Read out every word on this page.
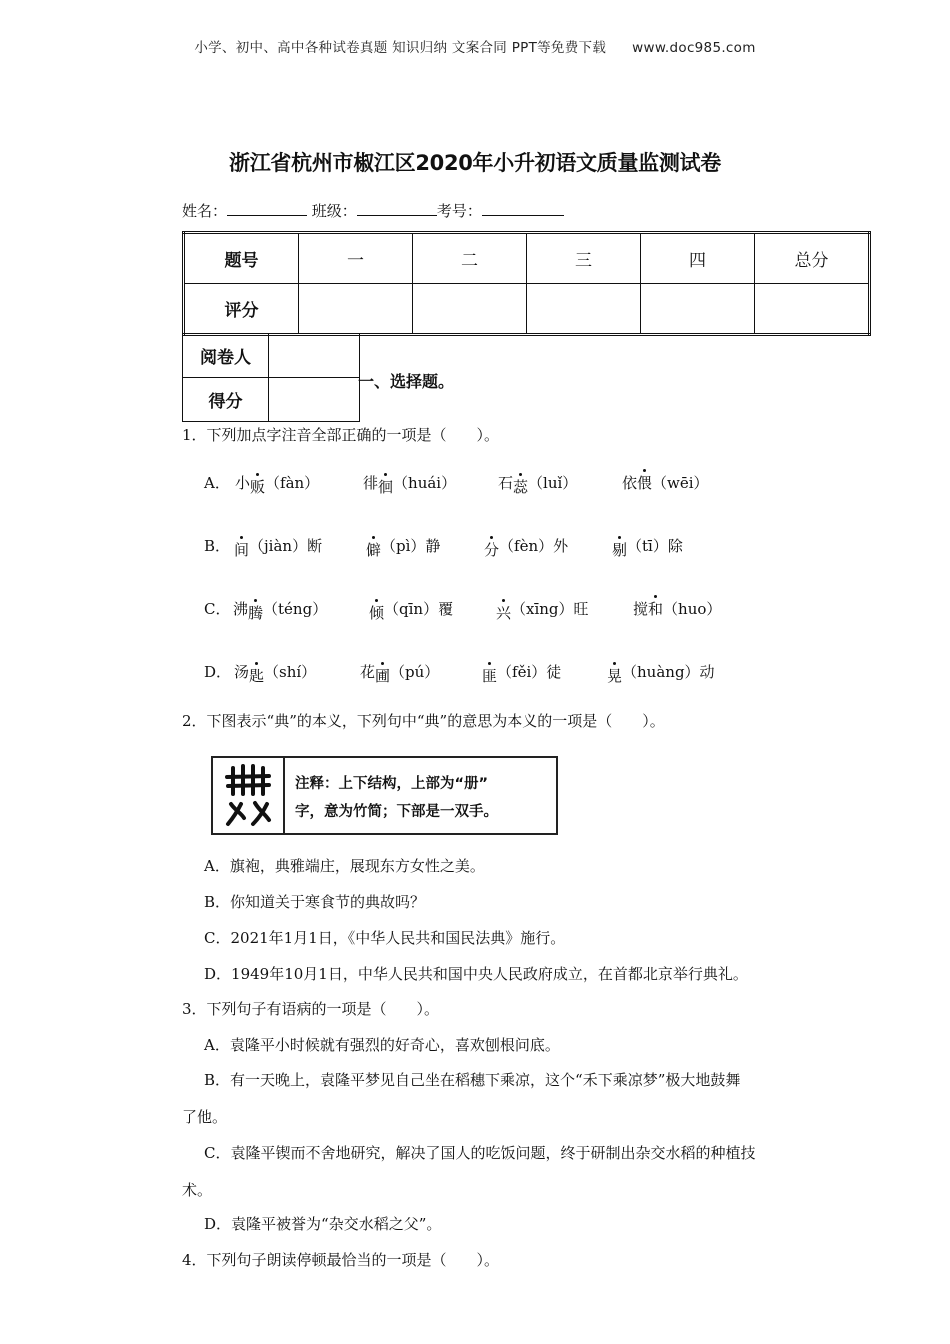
小学、初中、高中各种试卷真题 知识归纳 文案合同 PPT等免费下载 www.doc985.com
浙江省杭州市椒江区2020年小升初语文质量监测试卷
姓名：	班级：	考号：
题号	一	二	三	四	总分
评分					
阅卷人	
得分	
一、选择题。
1．下列加点字注音全部正确的一项是（　　）。
A． 小贩（fàn）	徘徊（huái）	石蕊（luǐ）	依偎（wēi）
B． 间（jiàn）断	僻（pì）静	分（fèn）外	剔（tī）除
C． 沸腾（téng）	倾（qīn）覆	兴（xīng）旺	搅和（huo）
D． 汤匙（shí）	花圃（pú）	匪（fěi）徒	晃（huàng）动
2．下图表示“典”的本义，下列句中“典”的意思为本义的一项是（　　）。
注释：上下结构，上部为“册”
字，意为竹简；下部是一双手。
A．旗袍，典雅端庄，展现东方女性之美。
B．你知道关于寒食节的典故吗？
C．2021年1月1日，《中华人民共和国民法典》施行。
D．1949年10月1日，中华人民共和国中央人民政府成立，在首都北京举行典礼。
3．下列句子有语病的一项是（　　）。
A．袁隆平小时候就有强烈的好奇心，喜欢刨根问底。
B．有一天晚上，袁隆平梦见自己坐在稻穗下乘凉，这个“禾下乘凉梦”极大地鼓舞
了他。
C．袁隆平锲而不舍地研究，解决了国人的吃饭问题，终于研制出杂交水稻的种植技
术。
D．袁隆平被誉为“杂交水稻之父”。
4．下列句子朗读停顿最恰当的一项是（　　）。
